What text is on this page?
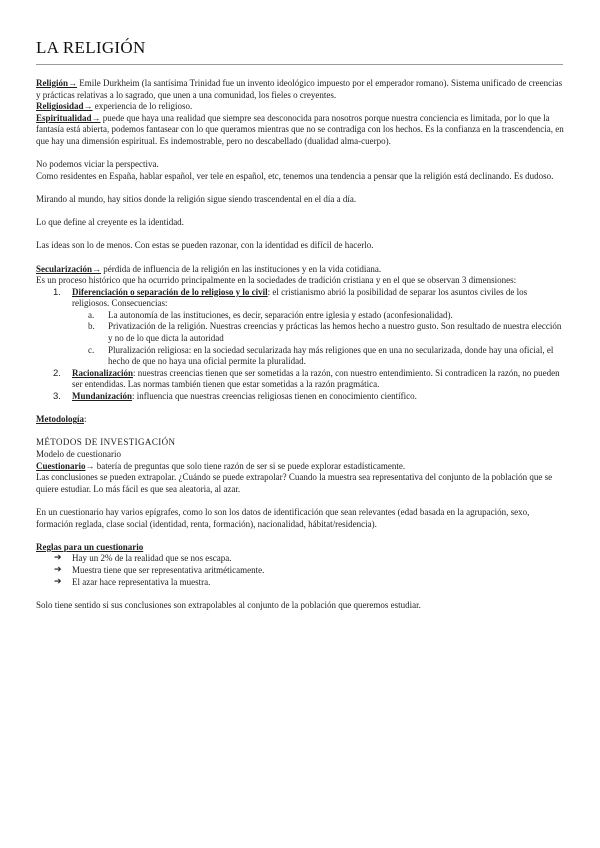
LA RELIGIÓN

Religión→ Emile Durkheim (la santísima Trinidad fue un invento ideológico impuesto por el emperador romano). Sistema unificado de creencias y prácticas relativas a lo sagrado, que unen a una comunidad, los fieles o creyentes.

Religiosidad→ experiencia de lo religioso.

Espiritualidad→ puede que haya una realidad que siempre sea desconocida para nosotros porque nuestra conciencia es limitada, por lo que la fantasía está abierta, podemos fantasear con lo que queramos mientras que no se contradiga con los hechos. Es la confianza en la trascendencia, en que hay una dimensión espiritual. Es indemostrable, pero no descabellado (dualidad alma-cuerpo).

No podemos viciar la perspectiva.

Como residentes en España, hablar español, ver tele en español, etc, tenemos una tendencia a pensar que la religión está declinando. Es dudoso.

Mirando al mundo, hay sitios donde la religión sigue siendo trascendental en el día a día.

Lo que define al creyente es la identidad.

Las ideas son lo de menos. Con estas se pueden razonar, con la identidad es difícil de hacerlo.

Secularización→ pérdida de influencia de la religión en las instituciones y en la vida cotidiana.

Es un proceso histórico que ha ocurrido principalmente en la sociedades de tradición cristiana y en el que se observan 3 dimensiones:

1. Diferenciación o separación de lo religioso y lo civil: el cristianismo abrió la posibilidad de separar los asuntos civiles de los religiosos. Consecuencias:
a. La autonomía de las instituciones, es decir, separación entre iglesia y estado (aconfesionalidad).
b. Privatización de la religión. Nuestras creencias y prácticas las hemos hecho a nuestro gusto. Son resultado de nuestra elección y no de lo que dicta la autoridad
c. Pluralización religiosa: en la sociedad secularizada hay más religiones que en una no secularizada, donde hay una oficial, el hecho de que no haya una oficial permite la pluralidad.
2. Racionalización: nuestras creencias tienen que ser sometidas a la razón, con nuestro entendimiento. Si contradicen la razón, no pueden ser entendidas. Las normas también tienen que estar sometidas a la razón pragmática.
3. Mundanización: influencia que nuestras creencias religiosas tienen en conocimiento científico.

Metodología:

MÉTODOS DE INVESTIGACIÓN

Modelo de cuestionario

Cuestionario→ batería de preguntas que solo tiene razón de ser si se puede explorar estadísticamente.

Las conclusiones se pueden extrapolar. ¿Cuándo se puede extrapolar? Cuando la muestra sea representativa del conjunto de la población que se quiere estudiar. Lo más fácil es que sea aleatoria, al azar.

En un cuestionario hay varios epígrafes, como lo son los datos de identificación que sean relevantes (edad basada en la agrupación, sexo, formación reglada, clase social (identidad, renta, formación), nacionalidad, hábitat/residencia).

Reglas para un cuestionario

➔ Hay un 2% de la realidad que se nos escapa.
➔ Muestra tiene que ser representativa aritméticamente.
➔ El azar hace representativa la muestra.

Solo tiene sentido si sus conclusiones son extrapolables al conjunto de la población que queremos estudiar.
